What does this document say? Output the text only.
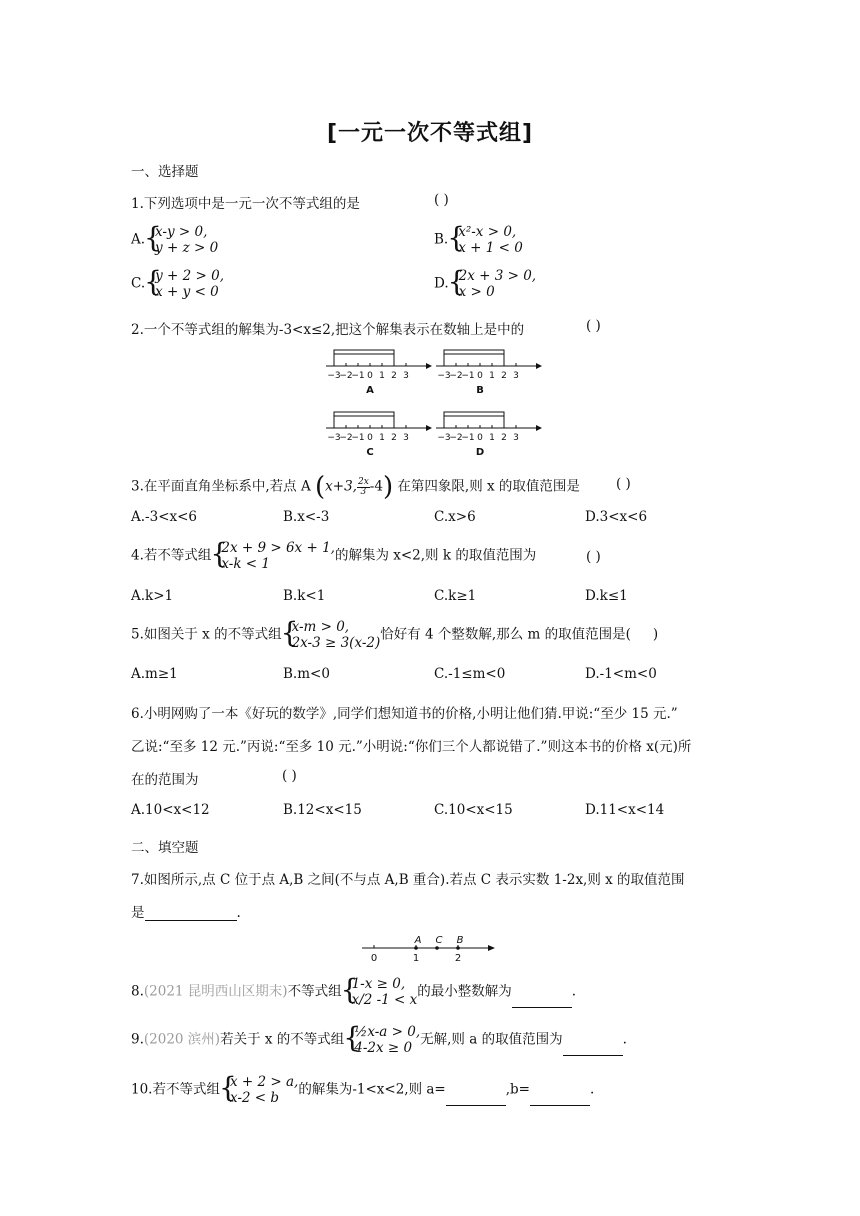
[一元一次不等式组]
一、选择题
1.下列选项中是一元一次不等式组的是	( )
A. { x-y > 0,
y + z > 0
B. { x²-x > 0,
x + 1 < 0
C. { y + 2 > 0,
x + y < 0
D. { 2x + 3 > 0,
x > 0
2.一个不等式组的解集为-3<x≤2,把这个解集表示在数轴上是中的	( )
−3
−2
−1 0 1 2 3
A
−3
−2
−1 0 1 2 3
B
−3
−2
−1 0 1 2 3
C
−3
−2
−1 0 1 2 3
D
3.在平面直角坐标系中,若点 A (x+3, $\frac{2x}{3} -4$) 在第四象限,则 x 的取值范围是	( )
A.-3<x<6	B.x<-3	C.x>6	D.3<x<6
4.若不等式组 { 2x + 9 > 6x + 1,
x-k < 1
的解集为 x<2,则 k 的取值范围为	( )
A.k>1	B.k<1	C.k≥1	D.k≤1
5.如图关于 x 的不等式组 { x-m > 0,
2x-3 ≥ 3(x-2)
恰好有 4 个整数解,那么 m 的取值范围是( )
A.m≥1	B.m<0	C.-1≤m<0	D.-1<m<0
6.小明网购了一本《好玩的数学》,同学们想知道书的价格,小明让他们猜.甲说:“至少 15 元.”
乙说:“至多 12 元.”丙说:“至多 10 元.”小明说:“你们三个人都说错了.”则这本书的价格 x(元)所
在的范围为	( )
A.10<x<12	B.12<x<15	C.10<x<15	D.11<x<14
二、填空题
7.如图所示,点 C 位于点 A,B 之间(不与点 A,B 重合).若点 C 表示实数 1-2x,则 x 的取值范围
是	.
0	1	2
A C B
8.(2021 昆明西山区期末)不等式组 { 1-x ≥ 0,
x/2 -1 < x
的最小整数解为	.
9.(2020 滨州)若关于 x 的不等式组 { ½x-a > 0,
4-2x ≥ 0
无解,则 a 的取值范围为	.
10.若不等式组 { x + 2 > a,
x-2 < b
的解集为-1<x<2,则 a=	,b=	.
